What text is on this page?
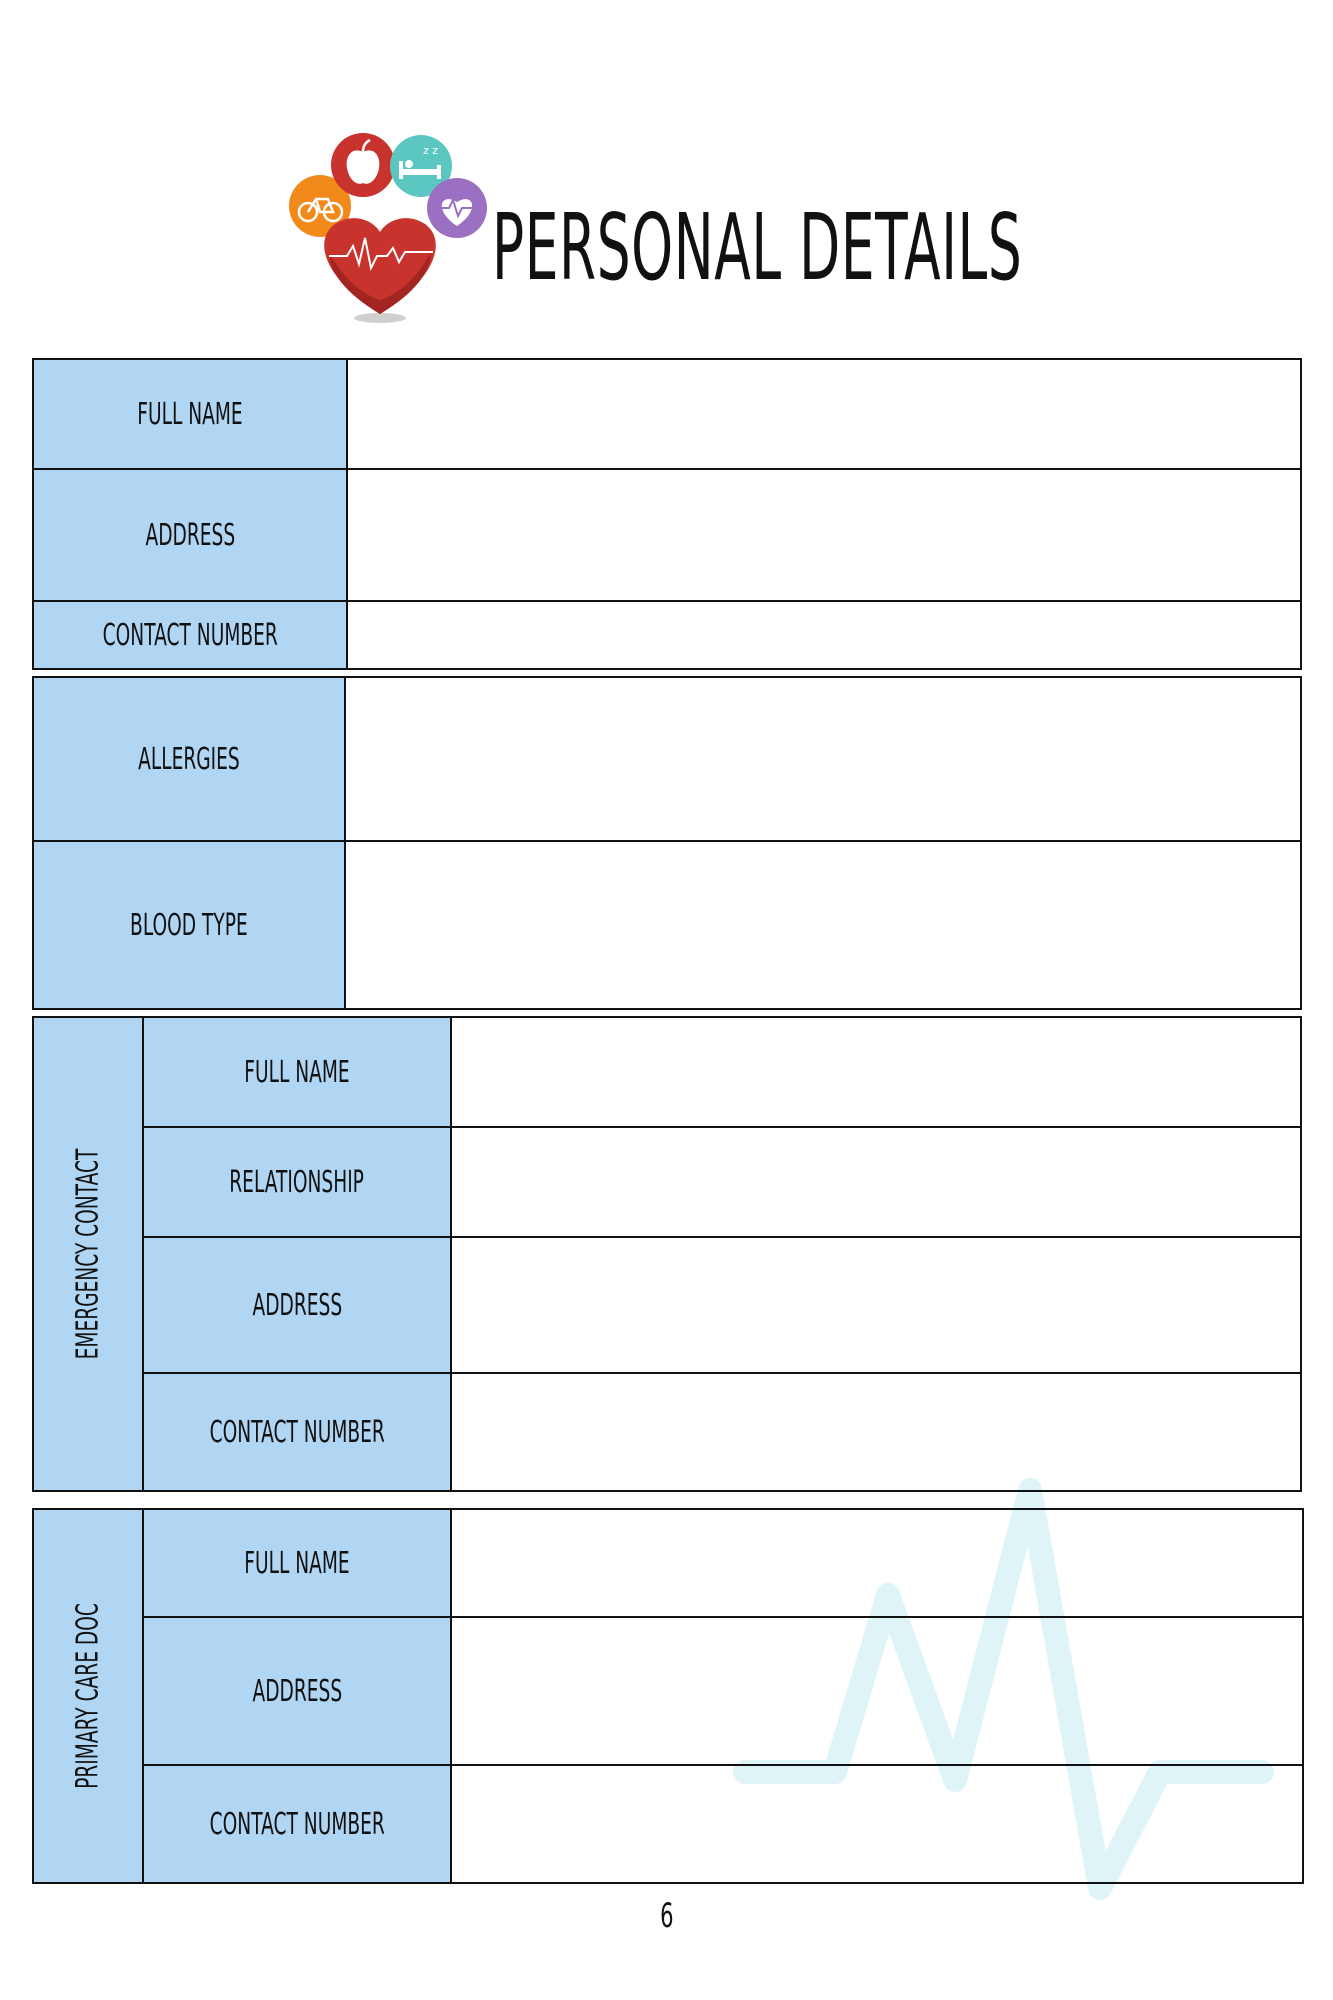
z z
PERSONAL DETAILS
FULL NAME	
ADDRESS	
CONTACT NUMBER	
ALLERGIES	
BLOOD TYPE	
EMERGENCY CONTACT	FULL NAME	
	RELATIONSHIP	
	ADDRESS	
	CONTACT NUMBER	
PRIMARY CARE DOC	FULL NAME	
	ADDRESS	
	CONTACT NUMBER	
6
